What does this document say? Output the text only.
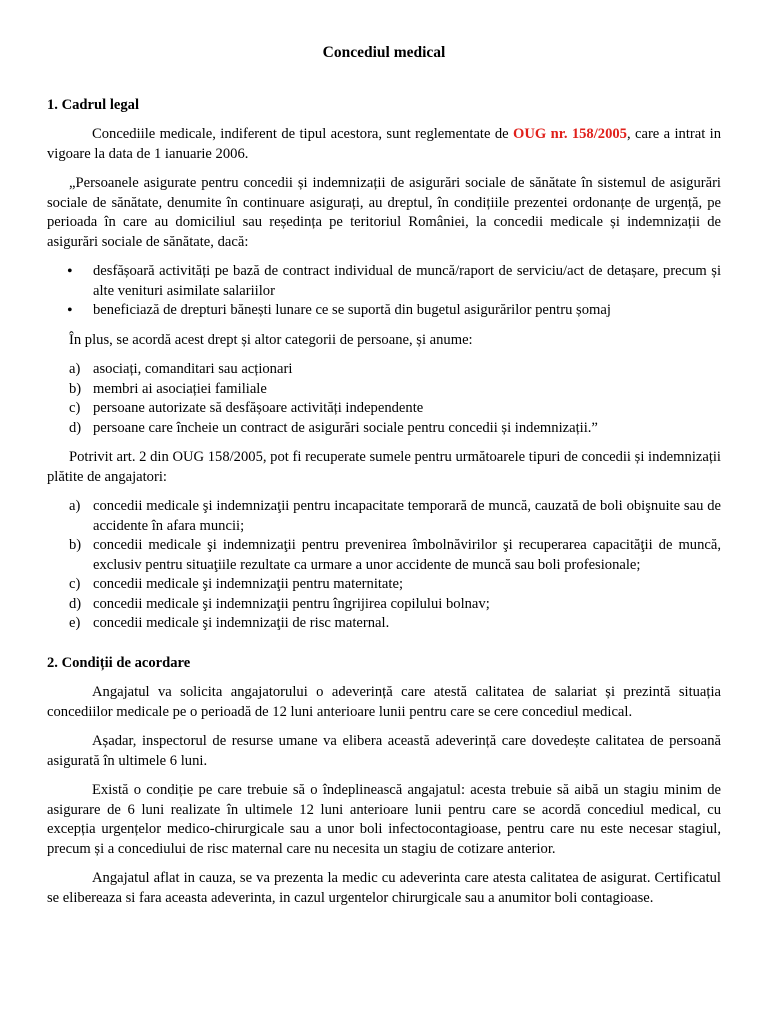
Concediul medical
1. Cadrul legal

Concediile medicale, indiferent de tipul acestora, sunt reglementate de OUG nr. 158/2005, care a intrat in vigoare la data de 1 ianuarie 2006.

„Persoanele asigurate pentru concedii și indemnizații de asigurări sociale de sănătate în sistemul de asigurări sociale de sănătate, denumite în continuare asigurați, au dreptul, în condițiile prezentei ordonanțe de urgență, pe perioada în care au domiciliul sau reședința pe teritoriul României, la concedii medicale și indemnizații de asigurări sociale de sănătate, dacă:

• desfășoară activități pe bază de contract individual de muncă/raport de serviciu/act de detașare, precum și alte venituri asimilate salariilor
• beneficiază de drepturi bănești lunare ce se suportă din bugetul asigurărilor pentru șomaj

În plus, se acordă acest drept și altor categorii de persoane, și anume:

a) asociați, comanditari sau acționari
b) membri ai asociației familiale
c) persoane autorizate să desfășoare activități independente
d) persoane care încheie un contract de asigurări sociale pentru concedii și indemnizații.”

Potrivit art. 2 din OUG 158/2005, pot fi recuperate sumele pentru următoarele tipuri de concedii și indemnizații plătite de angajatori:

a) concedii medicale şi indemnizaţii pentru incapacitate temporară de muncă, cauzată de boli obişnuite sau de accidente în afara muncii;
b) concedii medicale şi indemnizaţii pentru prevenirea îmbolnăvirilor şi recuperarea capacităţii de muncă, exclusiv pentru situaţiile rezultate ca urmare a unor accidente de muncă sau boli profesionale;
c) concedii medicale şi indemnizaţii pentru maternitate;
d) concedii medicale şi indemnizaţii pentru îngrijirea copilului bolnav;
e) concedii medicale şi indemnizaţii de risc maternal.
2. Condiții de acordare

Angajatul va solicita angajatorului o adeverință care atestă calitatea de salariat și prezintă situația concediilor medicale pe o perioadă de 12 luni anterioare lunii pentru care se cere concediul medical.

Așadar, inspectorul de resurse umane va elibera această adeverință care dovedește calitatea de persoană asigurată în ultimele 6 luni.

Există o condiție pe care trebuie să o îndeplinească angajatul: acesta trebuie să aibă un stagiu minim de asigurare de 6 luni realizate în ultimele 12 luni anterioare lunii pentru care se acordă concediul medical, cu excepția urgențelor medico-chirurgicale sau a unor boli infectocontagioase, pentru care nu este necesar stagiul, precum și a concediului de risc maternal care nu necesita un stagiu de cotizare anterior.

Angajatul aflat in cauza, se va prezenta la medic cu adeverinta care atesta calitatea de asigurat. Certificatul se elibereaza si fara aceasta adeverinta, in cazul urgentelor chirurgicale sau a anumitor boli contagioase.
